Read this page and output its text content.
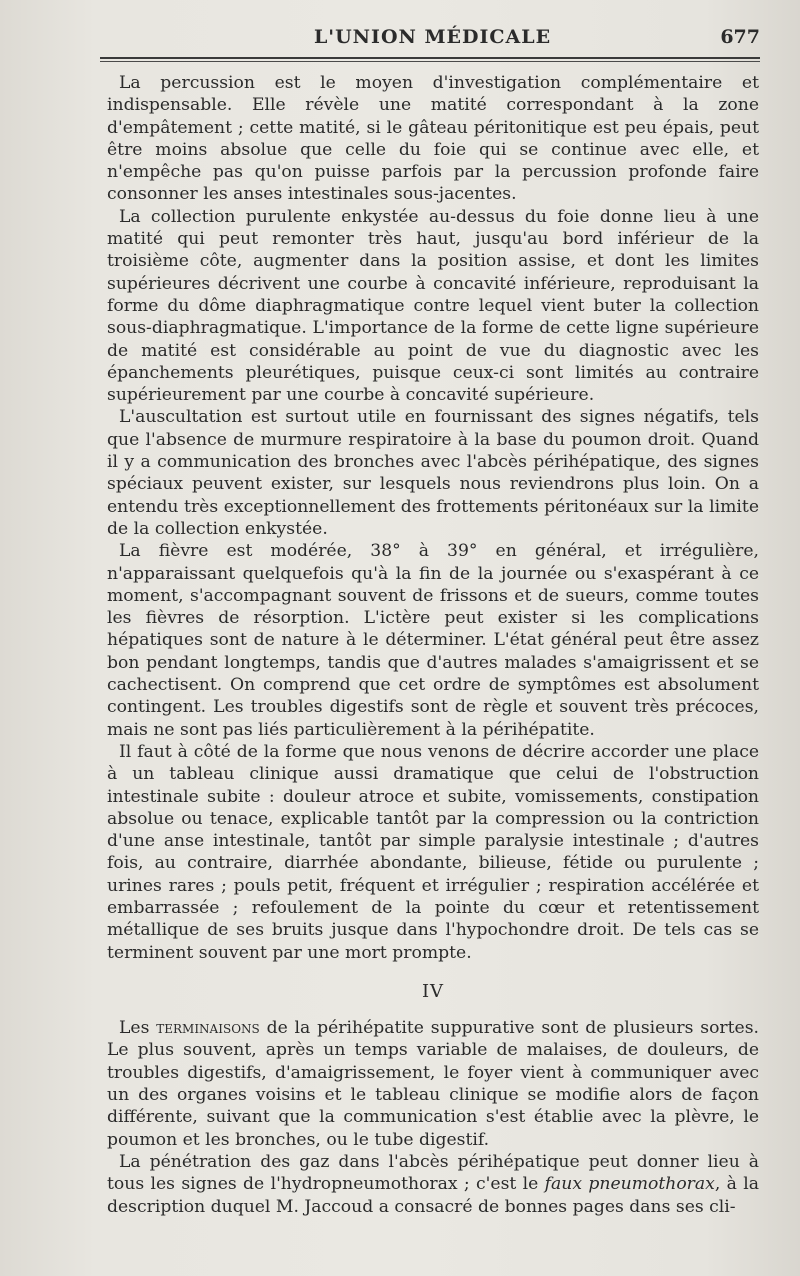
L'UNION MÉDICALE	677

La percussion est le moyen d'investigation complémentaire et indispensable. Elle révèle une matité correspondant à la zone d'empâtement ; cette matité, si le gâteau péritonitique est peu épais, peut être moins absolue que celle du foie qui se continue avec elle, et n'empêche pas qu'on puisse parfois par la percussion profonde faire consonner les anses intestinales sous-jacentes.

La collection purulente enkystée au-dessus du foie donne lieu à une matité qui peut remonter très haut, jusqu'au bord inférieur de la troisième côte, augmenter dans la position assise, et dont les limites supérieures décrivent une courbe à concavité inférieure, reproduisant la forme du dôme diaphragmatique contre lequel vient buter la collection sous-diaphragmatique. L'importance de la forme de cette ligne supérieure de matité est considérable au point de vue du diagnostic avec les épanchements pleurétiques, puisque ceux-ci sont limités au contraire supérieurement par une courbe à concavité supérieure.

L'auscultation est surtout utile en fournissant des signes négatifs, tels que l'absence de murmure respiratoire à la base du poumon droit. Quand il y a communication des bronches avec l'abcès périhépatique, des signes spéciaux peuvent exister, sur lesquels nous reviendrons plus loin. On a entendu très exceptionnellement des frottements péritonéaux sur la limite de la collection enkystée.

La fièvre est modérée, 38° à 39° en général, et irrégulière, n'apparaissant quelquefois qu'à la fin de la journée ou s'exaspérant à ce moment, s'accompagnant souvent de frissons et de sueurs, comme toutes les fièvres de résorption. L'ictère peut exister si les complications hépatiques sont de nature à le déterminer. L'état général peut être assez bon pendant longtemps, tandis que d'autres malades s'amaigrissent et se cachectisent. On comprend que cet ordre de symptômes est absolument contingent. Les troubles digestifs sont de règle et souvent très précoces, mais ne sont pas liés particulièrement à la périhépatite.

Il faut à côté de la forme que nous venons de décrire accorder une place à un tableau clinique aussi dramatique que celui de l'obstruction intestinale subite : douleur atroce et subite, vomissements, constipation absolue ou tenace, explicable tantôt par la compression ou la contriction d'une anse intestinale, tantôt par simple paralysie intestinale ; d'autres fois, au contraire, diarrhée abondante, bilieuse, fétide ou purulente ; urines rares ; pouls petit, fréquent et irrégulier ; respiration accélérée et embarrassée ; refoulement de la pointe du cœur et retentissement métallique de ses bruits jusque dans l'hypochondre droit. De tels cas se terminent souvent par une mort prompte.

IV

Les terminaisons de la périhépatite suppurative sont de plusieurs sortes. Le plus souvent, après un temps variable de malaises, de douleurs, de troubles digestifs, d'amaigrissement, le foyer vient à communiquer avec un des organes voisins et le tableau clinique se modifie alors de façon différente, suivant que la communication s'est établie avec la plèvre, le poumon et les bronches, ou le tube digestif.

La pénétration des gaz dans l'abcès périhépatique peut donner lieu à tous les signes de l'hydropneumothorax ; c'est le faux pneumothorax, à la description duquel M. Jaccoud a consacré de bonnes pages dans ses cli-
